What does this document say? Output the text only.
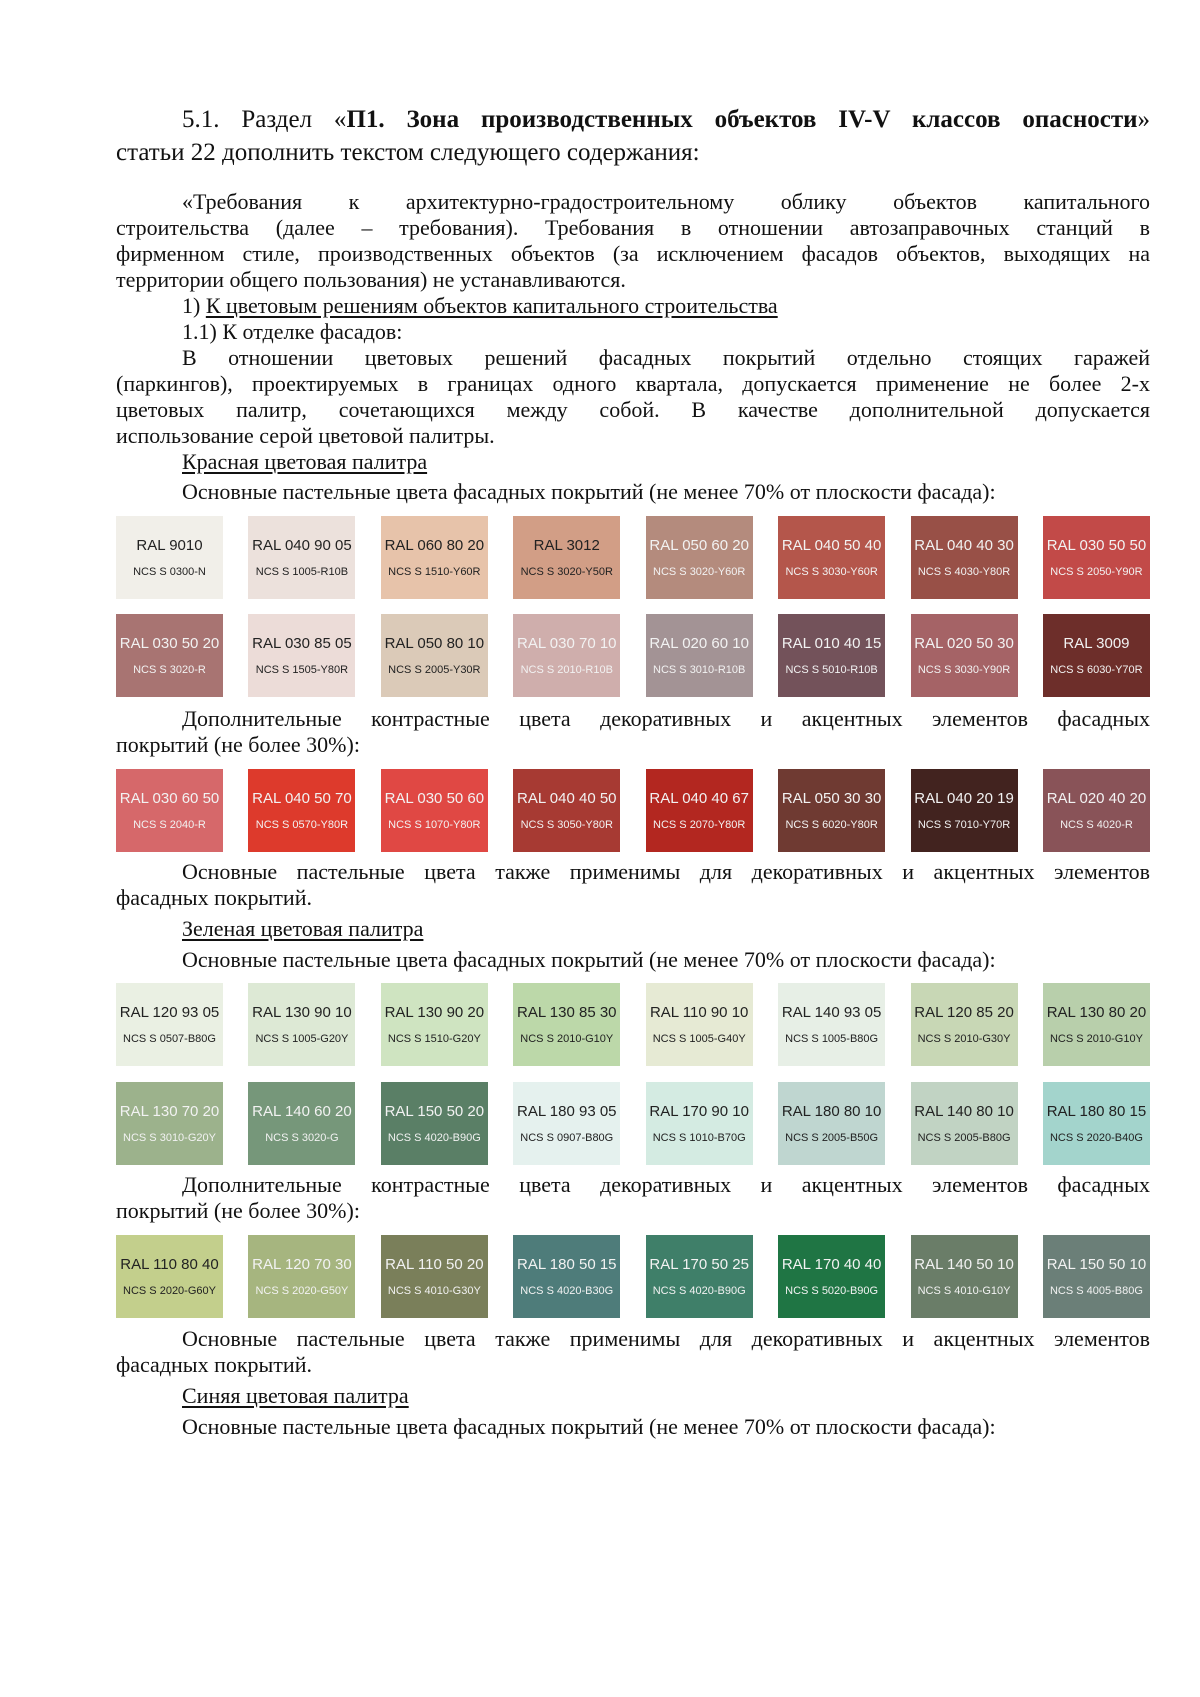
5.1. Раздел «П1. Зона производственных объектов IV-V классов опасности»
статьи 22 дополнить текстом следующего содержания:
«Требования к архитектурно-градостроительному облику объектов капитального
строительства (далее – требования). Требования в отношении автозаправочных станций в
фирменном стиле, производственных объектов (за исключением фасадов объектов, выходящих на
территории общего пользования) не устанавливаются.
1) К цветовым решениям объектов капитального строительства
1.1) К отделке фасадов:
В отношении цветовых решений фасадных покрытий отдельно стоящих гаражей
(паркингов), проектируемых в границах одного квартала, допускается применение не более 2-х
цветовых палитр, сочетающихся между собой. В качестве дополнительной допускается
использование серой цветовой палитры.
Красная цветовая палитра
Основные пастельные цвета фасадных покрытий (не менее 70% от плоскости фасада):
RAL 9010
NCS S 0300-N
RAL 040 90 05
NCS S 1005-R10B
RAL 060 80 20
NCS S 1510-Y60R
RAL 3012
NCS S 3020-Y50R
RAL 050 60 20
NCS S 3020-Y60R
RAL 040 50 40
NCS S 3030-Y60R
RAL 040 40 30
NCS S 4030-Y80R
RAL 030 50 50
NCS S 2050-Y90R
RAL 030 50 20
NCS S 3020-R
RAL 030 85 05
NCS S 1505-Y80R
RAL 050 80 10
NCS S 2005-Y30R
RAL 030 70 10
NCS S 2010-R10B
RAL 020 60 10
NCS S 3010-R10B
RAL 010 40 15
NCS S 5010-R10B
RAL 020 50 30
NCS S 3030-Y90R
RAL 3009
NCS S 6030-Y70R
Дополнительные контрастные цвета декоративных и акцентных элементов фасадных
покрытий (не более 30%):
RAL 030 60 50
NCS S 2040-R
RAL 040 50 70
NCS S 0570-Y80R
RAL 030 50 60
NCS S 1070-Y80R
RAL 040 40 50
NCS S 3050-Y80R
RAL 040 40 67
NCS S 2070-Y80R
RAL 050 30 30
NCS S 6020-Y80R
RAL 040 20 19
NCS S 7010-Y70R
RAL 020 40 20
NCS S 4020-R
Основные пастельные цвета также применимы для декоративных и акцентных элементов
фасадных покрытий.
Зеленая цветовая палитра
Основные пастельные цвета фасадных покрытий (не менее 70% от плоскости фасада):
RAL 120 93 05
NCS S 0507-B80G
RAL 130 90 10
NCS S 1005-G20Y
RAL 130 90 20
NCS S 1510-G20Y
RAL 130 85 30
NCS S 2010-G10Y
RAL 110 90 10
NCS S 1005-G40Y
RAL 140 93 05
NCS S 1005-B80G
RAL 120 85 20
NCS S 2010-G30Y
RAL 130 80 20
NCS S 2010-G10Y
RAL 130 70 20
NCS S 3010-G20Y
RAL 140 60 20
NCS S 3020-G
RAL 150 50 20
NCS S 4020-B90G
RAL 180 93 05
NCS S 0907-B80G
RAL 170 90 10
NCS S 1010-B70G
RAL 180 80 10
NCS S 2005-B50G
RAL 140 80 10
NCS S 2005-B80G
RAL 180 80 15
NCS S 2020-B40G
Дополнительные контрастные цвета декоративных и акцентных элементов фасадных
покрытий (не более 30%):
RAL 110 80 40
NCS S 2020-G60Y
RAL 120 70 30
NCS S 2020-G50Y
RAL 110 50 20
NCS S 4010-G30Y
RAL 180 50 15
NCS S 4020-B30G
RAL 170 50 25
NCS S 4020-B90G
RAL 170 40 40
NCS S 5020-B90G
RAL 140 50 10
NCS S 4010-G10Y
RAL 150 50 10
NCS S 4005-B80G
Основные пастельные цвета также применимы для декоративных и акцентных элементов
фасадных покрытий.
Синяя цветовая палитра
Основные пастельные цвета фасадных покрытий (не менее 70% от плоскости фасада):
